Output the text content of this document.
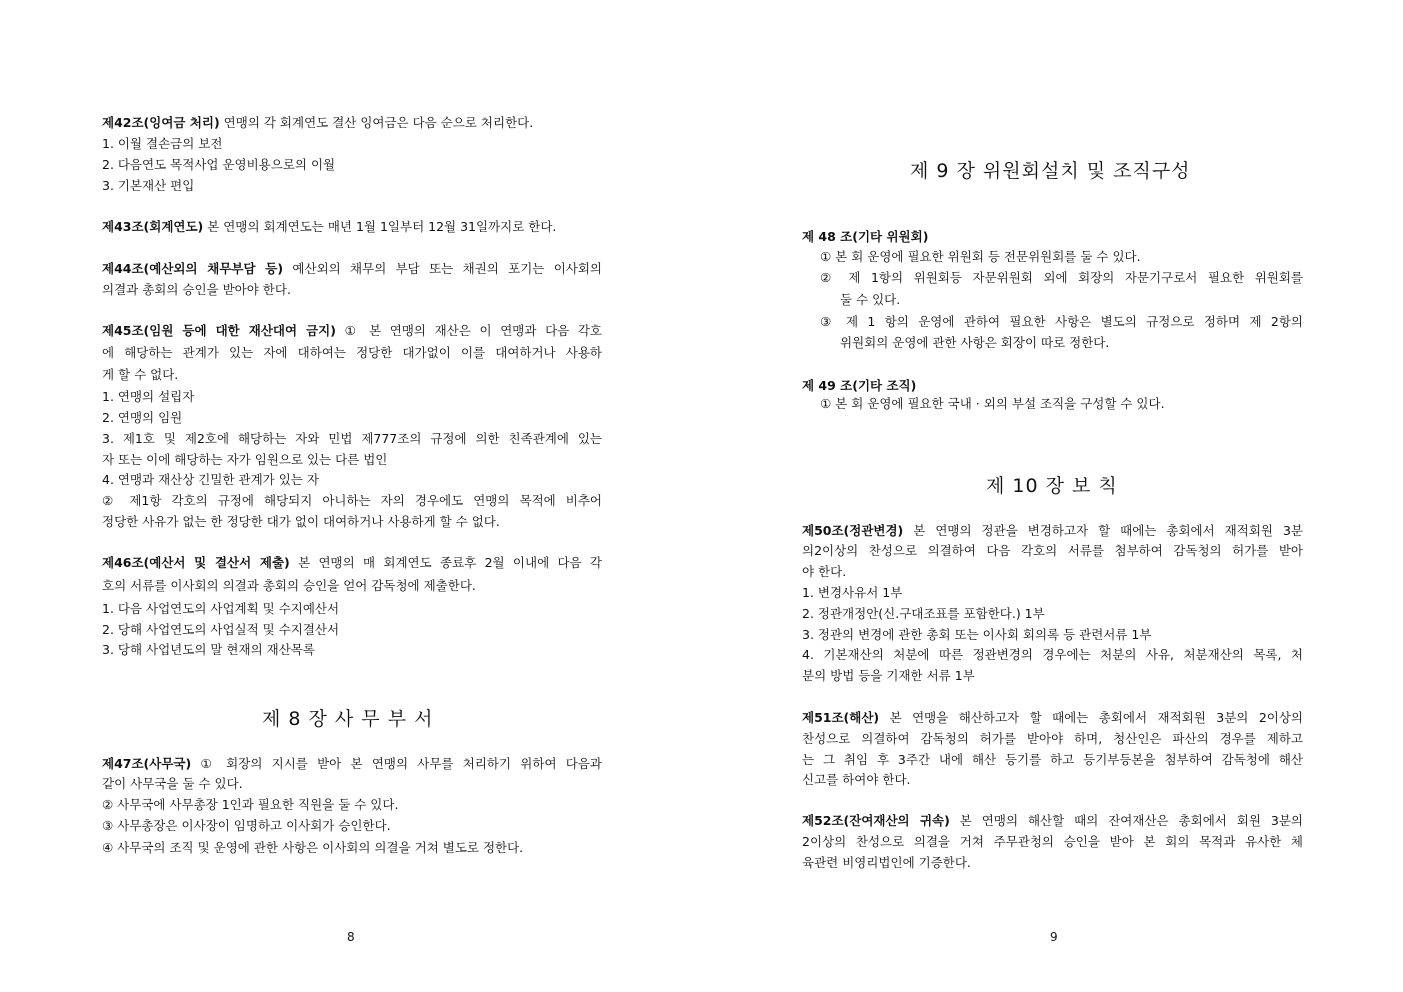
제42조(잉여금 처리) 연맹의 각 회계연도 결산 잉여금은 다음 순으로 처리한다.
1. 이월 결손금의 보전
2. 다음연도 목적사업 운영비용으로의 이월
3. 기본재산 편입
제43조(회계연도) 본 연맹의 회계연도는 매년 1월 1일부터 12월 31일까지로 한다.
제44조(예산외의 채무부담 등) 예산외의 채무의 부담 또는 채권의 포기는 이사회의
의결과 총회의 승인을 받아야 한다.
제45조(임원 등에 대한 재산대여 금지) ① 본 연맹의 재산은 이 연맹과 다음 각호
에 해당하는 관계가 있는 자에 대하여는 정당한 대가없이 이를 대여하거나 사용하
게 할 수 없다.
1. 연맹의 설립자
2. 연맹의 임원
3. 제1호 및 제2호에 해당하는 자와 민법 제777조의 규정에 의한 친족관계에 있는
자 또는 이에 해당하는 자가 임원으로 있는 다른 법인
4. 연맹과 재산상 긴밀한 관계가 있는 자
② 제1항 각호의 규정에 해당되지 아니하는 자의 경우에도 연맹의 목적에 비추어
정당한 사유가 없는 한 정당한 대가 없이 대여하거나 사용하게 할 수 없다.
제46조(예산서 및 결산서 제출) 본 연맹의 매 회계연도 종료후 2월 이내에 다음 각
호의 서류를 이사회의 의결과 총회의 승인을 얻어 감독청에 제출한다.
1. 다음 사업연도의 사업계획 및 수지예산서
2. 당해 사업연도의 사업실적 및 수지결산서
3. 당해 사업년도의 말 현재의 재산목록
제 8 장 사 무 부 서
제47조(사무국) ① 회장의 지시를 받아 본 연맹의 사무를 처리하기 위하여 다음과
같이 사무국을 둘 수 있다.
② 사무국에 사무총장 1인과 필요한 직원을 둘 수 있다.
③ 사무총장은 이사장이 임명하고 이사회가 승인한다.
④ 사무국의 조직 및 운영에 관한 사항은 이사회의 의결을 거쳐 별도로 정한다.
8
제 9 장 위원회설치 및 조직구성
제 48 조(기타 위원회)
① 본 회 운영에 필요한 위원회 등 전문위원회를 둘 수 있다.
② 제 1항의 위원회등 자문위원회 외에 회장의 자문기구로서 필요한 위원회를
둘 수 있다.
③ 제 1 항의 운영에 관하여 필요한 사항은 별도의 규정으로 정하며 제 2항의
위원회의 운영에 관한 사항은 회장이 따로 정한다.
제 49 조(기타 조직)
① 본 회 운영에 필요한 국내 · 외의 부설 조직을 구성할 수 있다.
제 10 장 보 칙
제50조(정관변경) 본 연맹의 정관을 변경하고자 할 때에는 총회에서 재적회원 3분
의2이상의 찬성으로 의결하여 다음 각호의 서류를 첨부하여 감독청의 허가를 받아
야 한다.
1. 변경사유서 1부
2. 정관개정안(신.구대조표를 포함한다.) 1부
3. 정관의 변경에 관한 총회 또는 이사회 회의록 등 관련서류 1부
4. 기본재산의 처분에 따른 정관변경의 경우에는 처분의 사유, 처분재산의 목록, 처
분의 방법 등을 기재한 서류 1부
제51조(해산) 본 연맹을 해산하고자 할 때에는 총회에서 재적회원 3분의 2이상의
찬성으로 의결하여 감독청의 허가를 받아야 하며, 청산인은 파산의 경우를 제하고
는 그 취임 후 3주간 내에 해산 등기를 하고 등기부등본을 첨부하여 감독청에 해산
신고를 하여야 한다.
제52조(잔여재산의 귀속) 본 연맹의 해산할 때의 잔여재산은 총회에서 회원 3분의
2이상의 찬성으로 의결을 거쳐 주무관청의 승인을 받아 본 회의 목적과 유사한 체
육관련 비영리법인에 기증한다.
9
